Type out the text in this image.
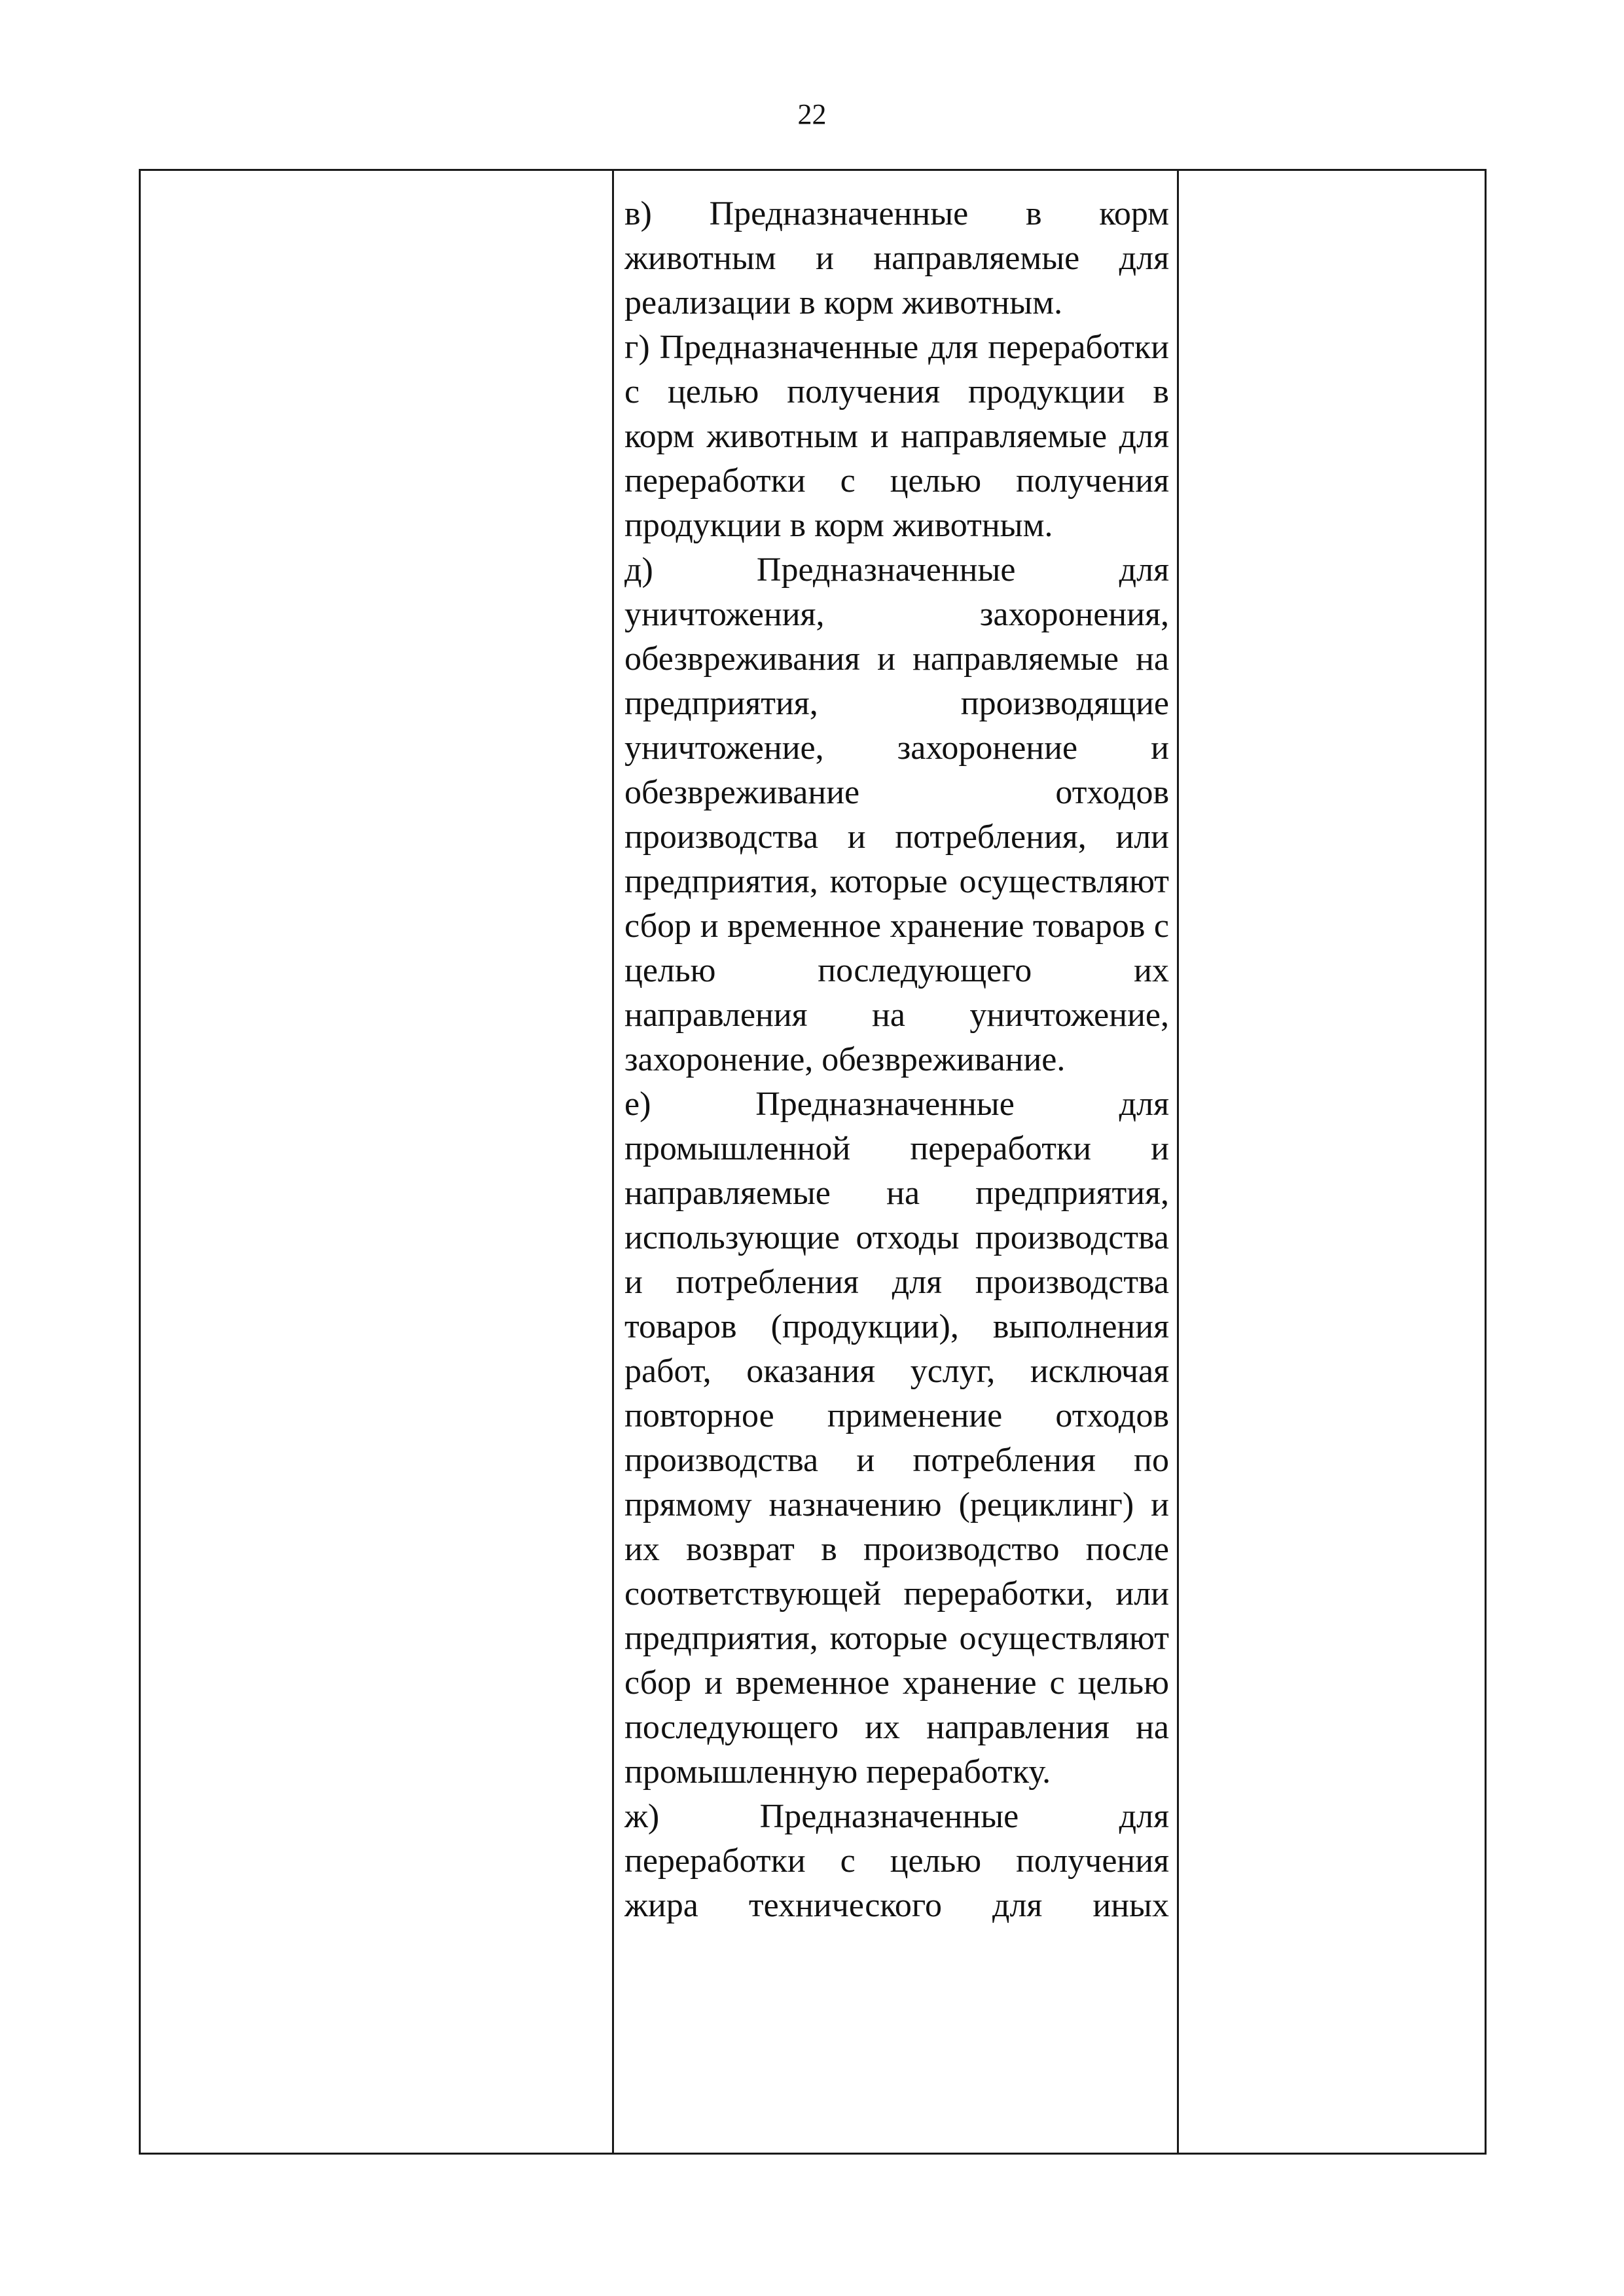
22

в) Предназначенные в корм животным и направляемые для реализации в корм животным.

г) Предназначенные для переработки с целью получения продукции в корм животным и направляемые для переработки с целью получения продукции в корм животным.

д) Предназначенные для уничтожения, захоронения, обезвреживания и направляемые на предприятия, производящие уничтожение, захоронение и обезвреживание отходов производства и потребления, или предприятия, которые осуществляют сбор и временное хранение товаров с целью последующего их направления на уничтожение, захоронение, обезвреживание.

е) Предназначенные для промышленной переработки и направляемые на предприятия, использующие отходы производства и потребления для производства товаров (продукции), выполнения работ, оказания услуг, исключая повторное применение отходов производства и потребления по прямому назначению (рециклинг) и их возврат в производство после соответствующей переработки, или предприятия, которые осуществляют сбор и временное хранение с целью последующего их направления на промышленную переработку.

ж) Предназначенные для переработки с целью получения жира технического для иных
